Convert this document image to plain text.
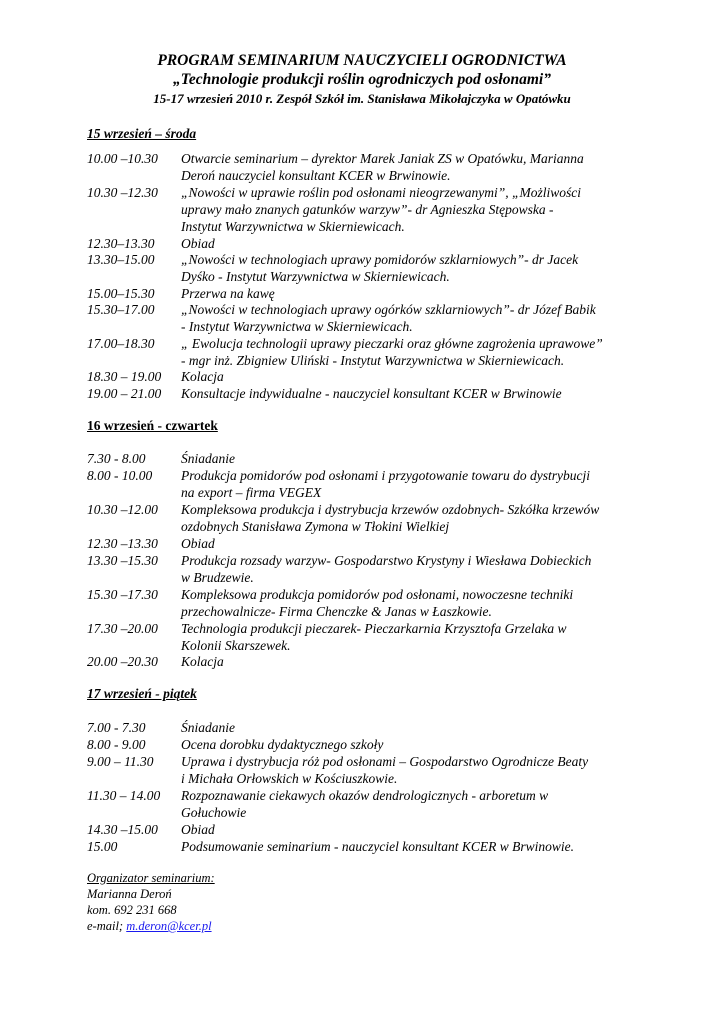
PROGRAM SEMINARIUM NAUCZYCIELI OGRODNICTWA
„Technologie produkcji roślin ogrodniczych pod osłonami”
15-17 wrzesień 2010 r. Zespół Szkół im. Stanisława Mikołajczyka w Opatówku
15 wrzesień – środa
10.00 –10.30 Otwarcie seminarium – dyrektor Marek Janiak ZS w Opatówku, Marianna
Deroń nauczyciel konsultant KCER w Brwinowie.
10.30 –12.30 „Nowości w uprawie roślin pod osłonami nieogrzewanymi”, „Możliwości
uprawy mało znanych gatunków warzyw”- dr Agnieszka Stępowska -
Instytut Warzywnictwa w Skierniewicach.
12.30–13.30 Obiad
13.30–15.00 „Nowości w technologiach uprawy pomidorów szklarniowych”- dr Jacek
Dyśko - Instytut Warzywnictwa w Skierniewicach.
15.00–15.30 Przerwa na kawę
15.30–17.00 „Nowości w technologiach uprawy ogórków szklarniowych”- dr Józef Babik
- Instytut Warzywnictwa w Skierniewicach.
17.00–18.30 „ Ewolucja technologii uprawy pieczarki oraz główne zagrożenia uprawowe”
- mgr inż. Zbigniew Uliński - Instytut Warzywnictwa w Skierniewicach.
18.30 – 19.00 Kolacja
19.00 – 21.00 Konsultacje indywidualne - nauczyciel konsultant KCER w Brwinowie
16 wrzesień - czwartek
7.30 - 8.00	Śniadanie
8.00 - 10.00 Produkcja pomidorów pod osłonami i przygotowanie towaru do dystrybucji
na export – firma VEGEX
10.30 –12.00 Kompleksowa produkcja i dystrybucja krzewów ozdobnych- Szkółka krzewów
ozdobnych Stanisława Zymona w Tłokini Wielkiej
12.30 –13.30 Obiad
13.30 –15.30 Produkcja rozsady warzyw- Gospodarstwo Krystyny i Wiesława Dobieckich
w Brudzewie.
15.30 –17.30 Kompleksowa produkcja pomidorów pod osłonami, nowoczesne techniki
przechowalnicze- Firma Chenczke & Janas w Łaszkowie.
17.30 –20.00 Technologia produkcji pieczarek- Pieczarkarnia Krzysztofa Grzelaka w
Kolonii Skarszewek.
20.00 –20.30 Kolacja
17 wrzesień - piątek
7.00 - 7.30	Śniadanie
8.00 - 9.00	Ocena dorobku dydaktycznego szkoły
9.00 – 11.30 Uprawa i dystrybucja róż pod osłonami – Gospodarstwo Ogrodnicze Beaty
i Michała Orłowskich w Kościuszkowie.
11.30 – 14.00 Rozpoznawanie ciekawych okazów dendrologicznych - arboretum w
Gołuchowie
14.30 –15.00 Obiad
15.00	Podsumowanie seminarium - nauczyciel konsultant KCER w Brwinowie.
Organizator seminarium:
Marianna Deroń
kom. 692 231 668
e-mail; m.deron@kcer.pl
